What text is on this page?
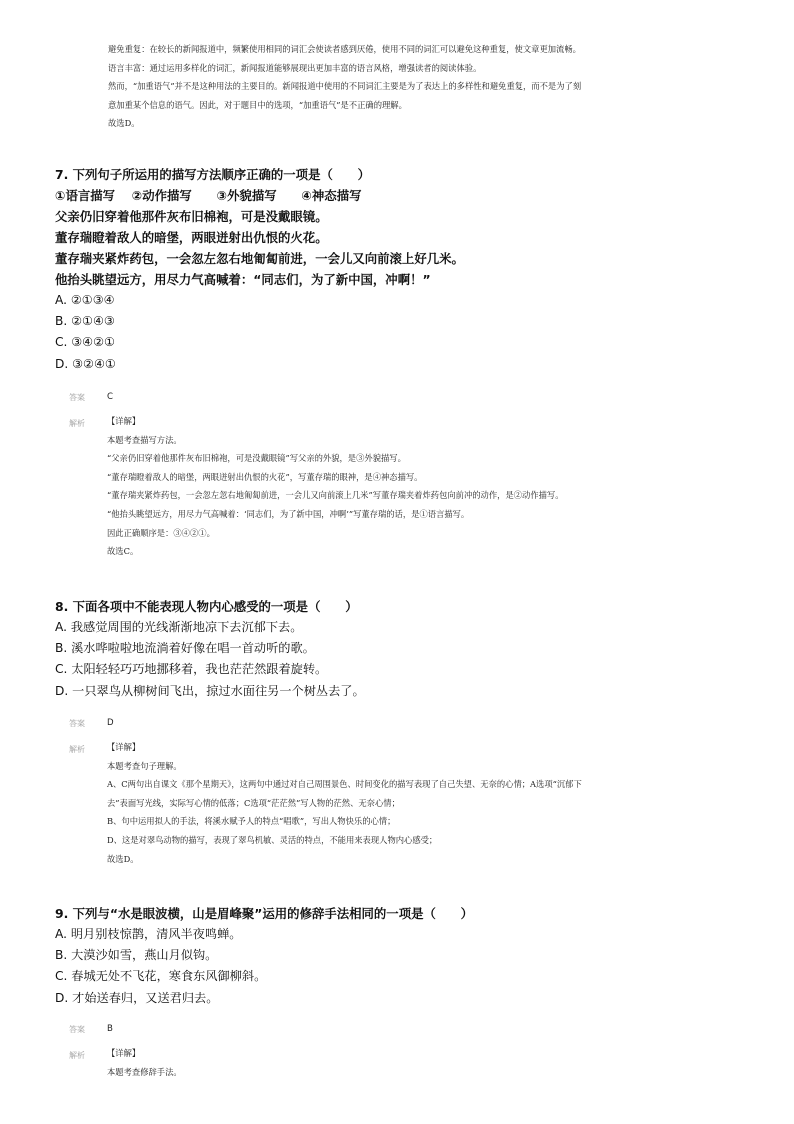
避免重复：在较长的新闻报道中，频繁使用相同的词汇会使读者感到厌倦，使用不同的词汇可以避免这种重复，使文章更加流畅。

语言丰富：通过运用多样化的词汇，新闻报道能够展现出更加丰富的语言风格，增强读者的阅读体验。

然而，“加重语气”并不是这种用法的主要目的。新闻报道中使用的不同词汇主要是为了表达上的多样性和避免重复，而不是为了刻

意加重某个信息的语气。因此，对于题目中的选项，“加重语气”是不正确的理解。

故选D。

7. 下列句子所运用的描写方法顺序正确的一项是（　　）
①语言描写　 ②动作描写　　③外貌描写　　④神态描写
父亲仍旧穿着他那件灰布旧棉袍，可是没戴眼镜。
董存瑞瞪着敌人的暗堡，两眼迸射出仇恨的火花。
董存瑞夹紧炸药包，一会忽左忽右地匍匐前进，一会儿又向前滚上好几米。
他抬头眺望远方，用尽力气高喊着：“同志们，为了新中国，冲啊！”
A. ②①③④
B. ②①④③
C. ③④②①
D. ③②④①
答案	C
解析	【详解】

本题考查描写方法。

“父亲仍旧穿着他那件灰布旧棉袍，可是没戴眼镜”写父亲的外貌，是③外貌描写。

“董存瑞瞪着敌人的暗堡，两眼迸射出仇恨的火花”，写董存瑞的眼神，是④神态描写。

“董存瑞夹紧炸药包，一会忽左忽右地匍匐前进，一会儿又向前滚上几米”写董存瑞夹着炸药包向前冲的动作，是②动作描写。

“他抬头眺望远方，用尽力气高喊着：‘同志们，为了新中国，冲啊’”写董存瑞的话，是①语言描写。

因此正确顺序是：③④②①。

故选C。

8. 下面各项中不能表现人物内心感受的一项是（　　）
A. 我感觉周围的光线渐渐地凉下去沉郁下去。
B. 溪水哗啦啦地流淌着好像在唱一首动听的歌。
C. 太阳轻轻巧巧地挪移着，我也茫茫然跟着旋转。
D. 一只翠鸟从柳树间飞出，掠过水面往另一个树丛去了。
答案	D
解析	【详解】

本题考查句子理解。

A、C两句出自课文《那个星期天》，这两句中通过对自己周围景色、时间变化的描写表现了自己失望、无奈的心情；A选项“沉郁下

去”表面写光线，实际写心情的低落；C选项“茫茫然”写人物的茫然、无奈心情；

B、句中运用拟人的手法，将溪水赋予人的特点“唱歌”，写出人物快乐的心情；

D、这是对翠鸟动物的描写，表现了翠鸟机敏、灵活的特点，不能用来表现人物内心感受；

故选D。

9. 下列与“水是眼波横，山是眉峰聚”运用的修辞手法相同的一项是（　　）
A. 明月别枝惊鹊，清风半夜鸣蝉。
B. 大漠沙如雪，燕山月似钩。
C. 春城无处不飞花，寒食东风御柳斜。
D. 才始送春归，又送君归去。
答案	B
解析	【详解】

本题考查修辞手法。
